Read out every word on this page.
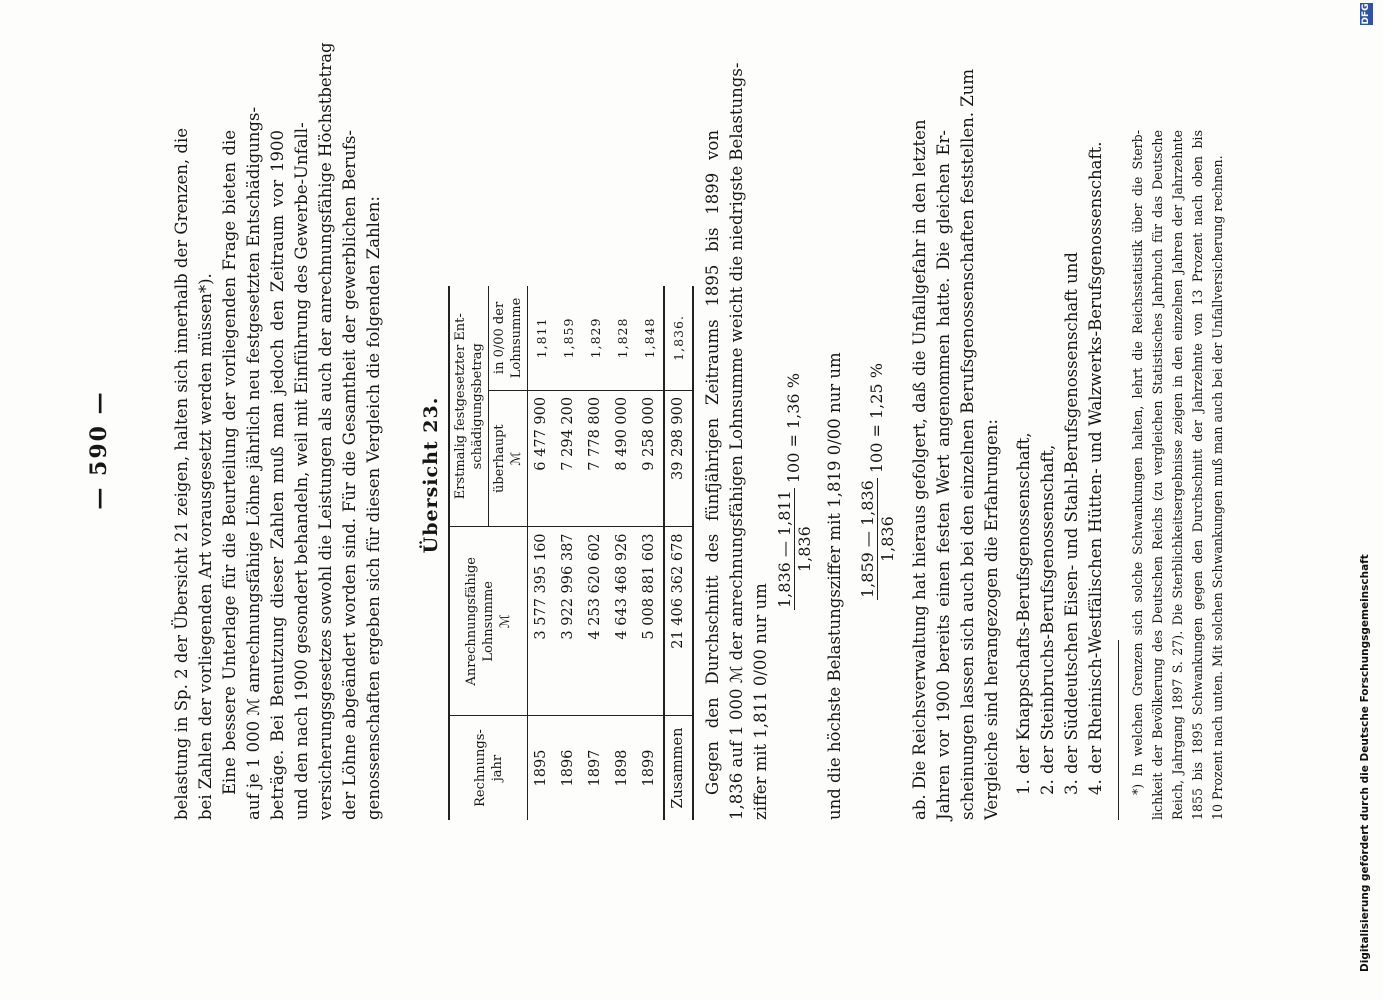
— 590 —	belastung in Sp. 2 der Übersicht 21 zeigen, halten sich innerhalb der Grenzen, die bei Zahlen der vorliegenden Art vorausgesetzt werden müssen*). Eine bessere Unterlage für die Beurteilung der vorliegenden Frage bieten die auf je 1 000 ℳ anrechnungsfähige Löhne jährlich neu festgesetzten Entschädigungs- beträge. Bei Benutzung dieser Zahlen muß man jedoch den Zeitraum vor 1900 und den nach 1900 gesondert behandeln, weil mit Einführung des Gewerbe-Unfall- versicherungsgesetzes sowohl die Leistungen als auch der anrechnungsfähige Höchstbetrag der Löhne abgeändert worden sind. Für die Gesamtheit der gewerblichen Berufs- genossenschaften ergeben sich für diesen Vergleich die folgenden Zahlen: Übersicht 23.
Rechnungs-jahr	Anrechnungsfähige Lohnsumme ℳ	Erstmalig festgesetzter Ent-schädigungsbetrag	
		überhaupt ℳ	in 0/00 der Lohnsumme
1895	3 577 395 160	6 477 900	1,811
1896	3 922 996 387	7 294 200	1,859
1897	4 253 620 602	7 778 800	1,829
1898	4 643 468 926	8 490 000	1,828
1899	5 008 881 603	9 258 000	1,848
Zusammen	21 406 362 678	39 298 900	1,836. Gegen den Durchschnitt des fünfjährigen Zeitraums 1895 bis 1899 von 1,836 auf 1 000 ℳ der anrechnungsfähigen Lohnsumme weicht die niedrigste Belastungs- ziffer mit 1,811 0/00 nur um
1,836 — 1,811 1,836
100 = 1,36 %	und die höchste Belastungsziffer mit 1,819 0/00 nur um 1,859 — 1,836 1,836
100 = 1,25 %	ab. Die Reichsverwaltung hat hieraus gefolgert, daß die Unfallgefahr in den letzten Jahren vor 1900 bereits einen festen Wert angenommen hatte. Die gleichen Er- scheinungen lassen sich auch bei den einzelnen Berufsgenossenschaften feststellen. Zum Vergleiche sind herangezogen die Erfahrungen: 1. der Knappschafts-Berufsgenossenschaft, 2. der Steinbruchs-Berufsgenossenschaft, 3. der Süddeutschen Eisen- und Stahl-Berufsgenossenschaft und 4. der Rheinisch-Westfälischen Hütten- und Walzwerks-Berufsgenossenschaft. *) In welchen Grenzen sich solche Schwankungen halten, lehrt die Reichsstatistik über die Sterb- lichkeit der Bevölkerung des Deutschen Reichs (zu vergleichen Statistisches Jahrbuch für das Deutsche Reich, Jahrgang 1897 S. 27). Die Sterblichkeitsergebnisse zeigen in den einzelnen Jahren der Jahrzehnte 1855 bis 1895 Schwankungen gegen den Durchschnitt der Jahrzehnte von 13 Prozent nach oben bis 10 Prozent nach unten. Mit solchen Schwankungen muß man auch bei der Unfallversicherung rechnen.	Digitalisierung gefördert durch die Deutsche Forschungsgemeinschaft
DFG
